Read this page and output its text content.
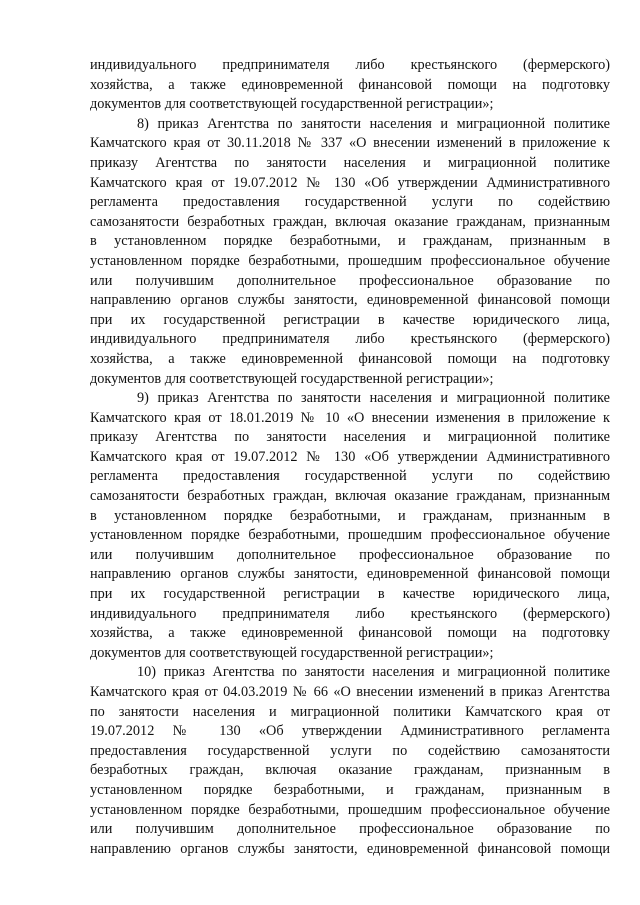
индивидуального предпринимателя либо крестьянского (фермерского)
хозяйства, а также единовременной финансовой помощи на подготовку
документов для соответствующей государственной регистрации»;
8) приказ Агентства по занятости населения и миграционной политике
Камчатского края от 30.11.2018 № 337 «О внесении изменений в приложение к
приказу Агентства по занятости населения и миграционной политике
Камчатского края от 19.07.2012 № 130 «Об утверждении Административного
регламента предоставления государственной услуги по содействию
самозанятости безработных граждан, включая оказание гражданам, признанным
в установленном порядке безработными, и гражданам, признанным в
установленном порядке безработными, прошедшим профессиональное обучение
или получившим дополнительное профессиональное образование по
направлению органов службы занятости, единовременной финансовой помощи
при их государственной регистрации в качестве юридического лица,
индивидуального предпринимателя либо крестьянского (фермерского)
хозяйства, а также единовременной финансовой помощи на подготовку
документов для соответствующей государственной регистрации»;
9) приказ Агентства по занятости населения и миграционной политике
Камчатского края от 18.01.2019 № 10 «О внесении изменения в приложение к
приказу Агентства по занятости населения и миграционной политике
Камчатского края от 19.07.2012 № 130 «Об утверждении Административного
регламента предоставления государственной услуги по содействию
самозанятости безработных граждан, включая оказание гражданам, признанным
в установленном порядке безработными, и гражданам, признанным в
установленном порядке безработными, прошедшим профессиональное обучение
или получившим дополнительное профессиональное образование по
направлению органов службы занятости, единовременной финансовой помощи
при их государственной регистрации в качестве юридического лица,
индивидуального предпринимателя либо крестьянского (фермерского)
хозяйства, а также единовременной финансовой помощи на подготовку
документов для соответствующей государственной регистрации»;
10) приказ Агентства по занятости населения и миграционной политике
Камчатского края от 04.03.2019 № 66 «О внесении изменений в приказ Агентства
по занятости населения и миграционной политики Камчатского края от
19.07.2012 № 130 «Об утверждении Административного регламента
предоставления государственной услуги по содействию самозанятости
безработных граждан, включая оказание гражданам, признанным в
установленном порядке безработными, и гражданам, признанным в
установленном порядке безработными, прошедшим профессиональное обучение
или получившим дополнительное профессиональное образование по
направлению органов службы занятости, единовременной финансовой помощи
